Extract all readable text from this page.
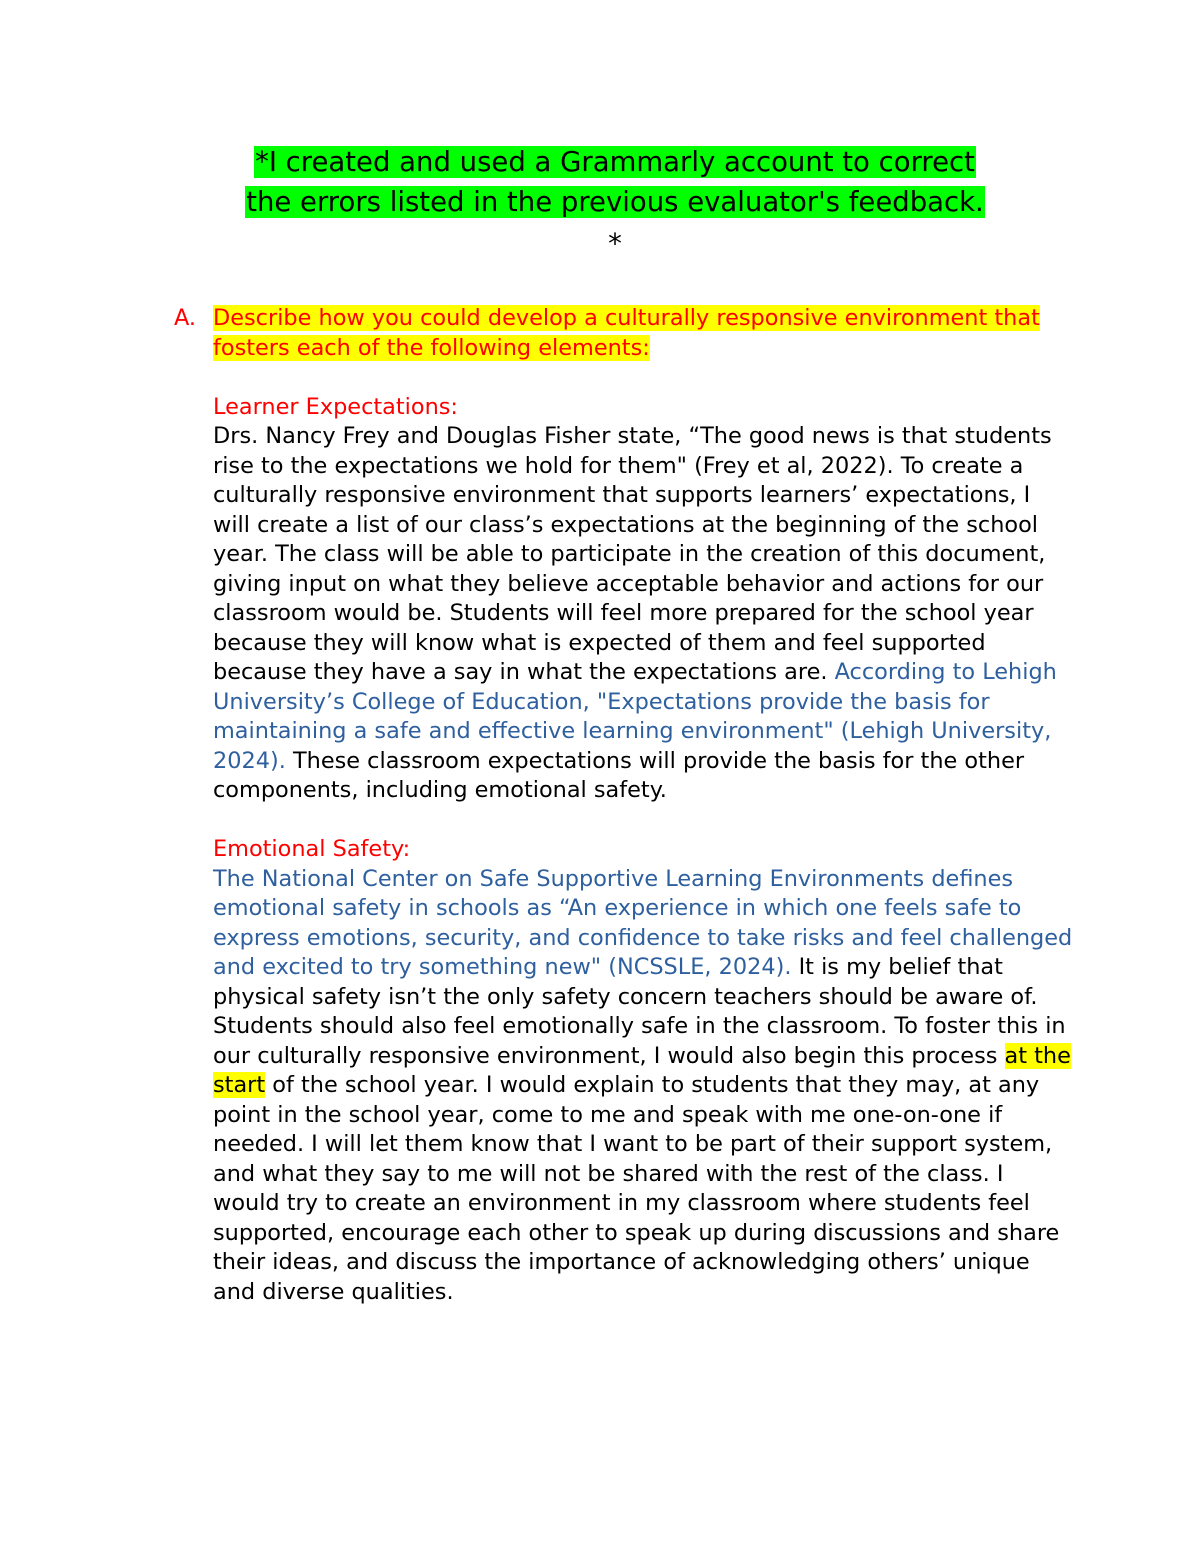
*I created and used a Grammarly account to correct
the errors listed in the previous evaluator's feedback.
*
A. Describe how you could develop a culturally responsive environment that fosters each of the following elements:

Learner Expectations:

Drs. Nancy Frey and Douglas Fisher state, “The good news is that students rise to the expectations we hold for them" (Frey et al, 2022). To create a culturally responsive environment that supports learners’ expectations, I will create a list of our class’s expectations at the beginning of the school year. The class will be able to participate in the creation of this document, giving input on what they believe acceptable behavior and actions for our classroom would be. Students will feel more prepared for the school year because they will know what is expected of them and feel supported because they have a say in what the expectations are. According to Lehigh University’s College of Education, "Expectations provide the basis for maintaining a safe and effective learning environment" (Lehigh University, 2024). These classroom expectations will provide the basis for the other components, including emotional safety.

Emotional Safety:

The National Center on Safe Supportive Learning Environments defines emotional safety in schools as “An experience in which one feels safe to express emotions, security, and confidence to take risks and feel challenged and excited to try something new" (NCSSLE, 2024). It is my belief that physical safety isn’t the only safety concern teachers should be aware of. Students should also feel emotionally safe in the classroom. To foster this in our culturally responsive environment, I would also begin this process at the start of the school year. I would explain to students that they may, at any point in the school year, come to me and speak with me one-on-one if needed. I will let them know that I want to be part of their support system, and what they say to me will not be shared with the rest of the class. I would try to create an environment in my classroom where students feel supported, encourage each other to speak up during discussions and share their ideas, and discuss the importance of acknowledging others’ unique and diverse qualities.
